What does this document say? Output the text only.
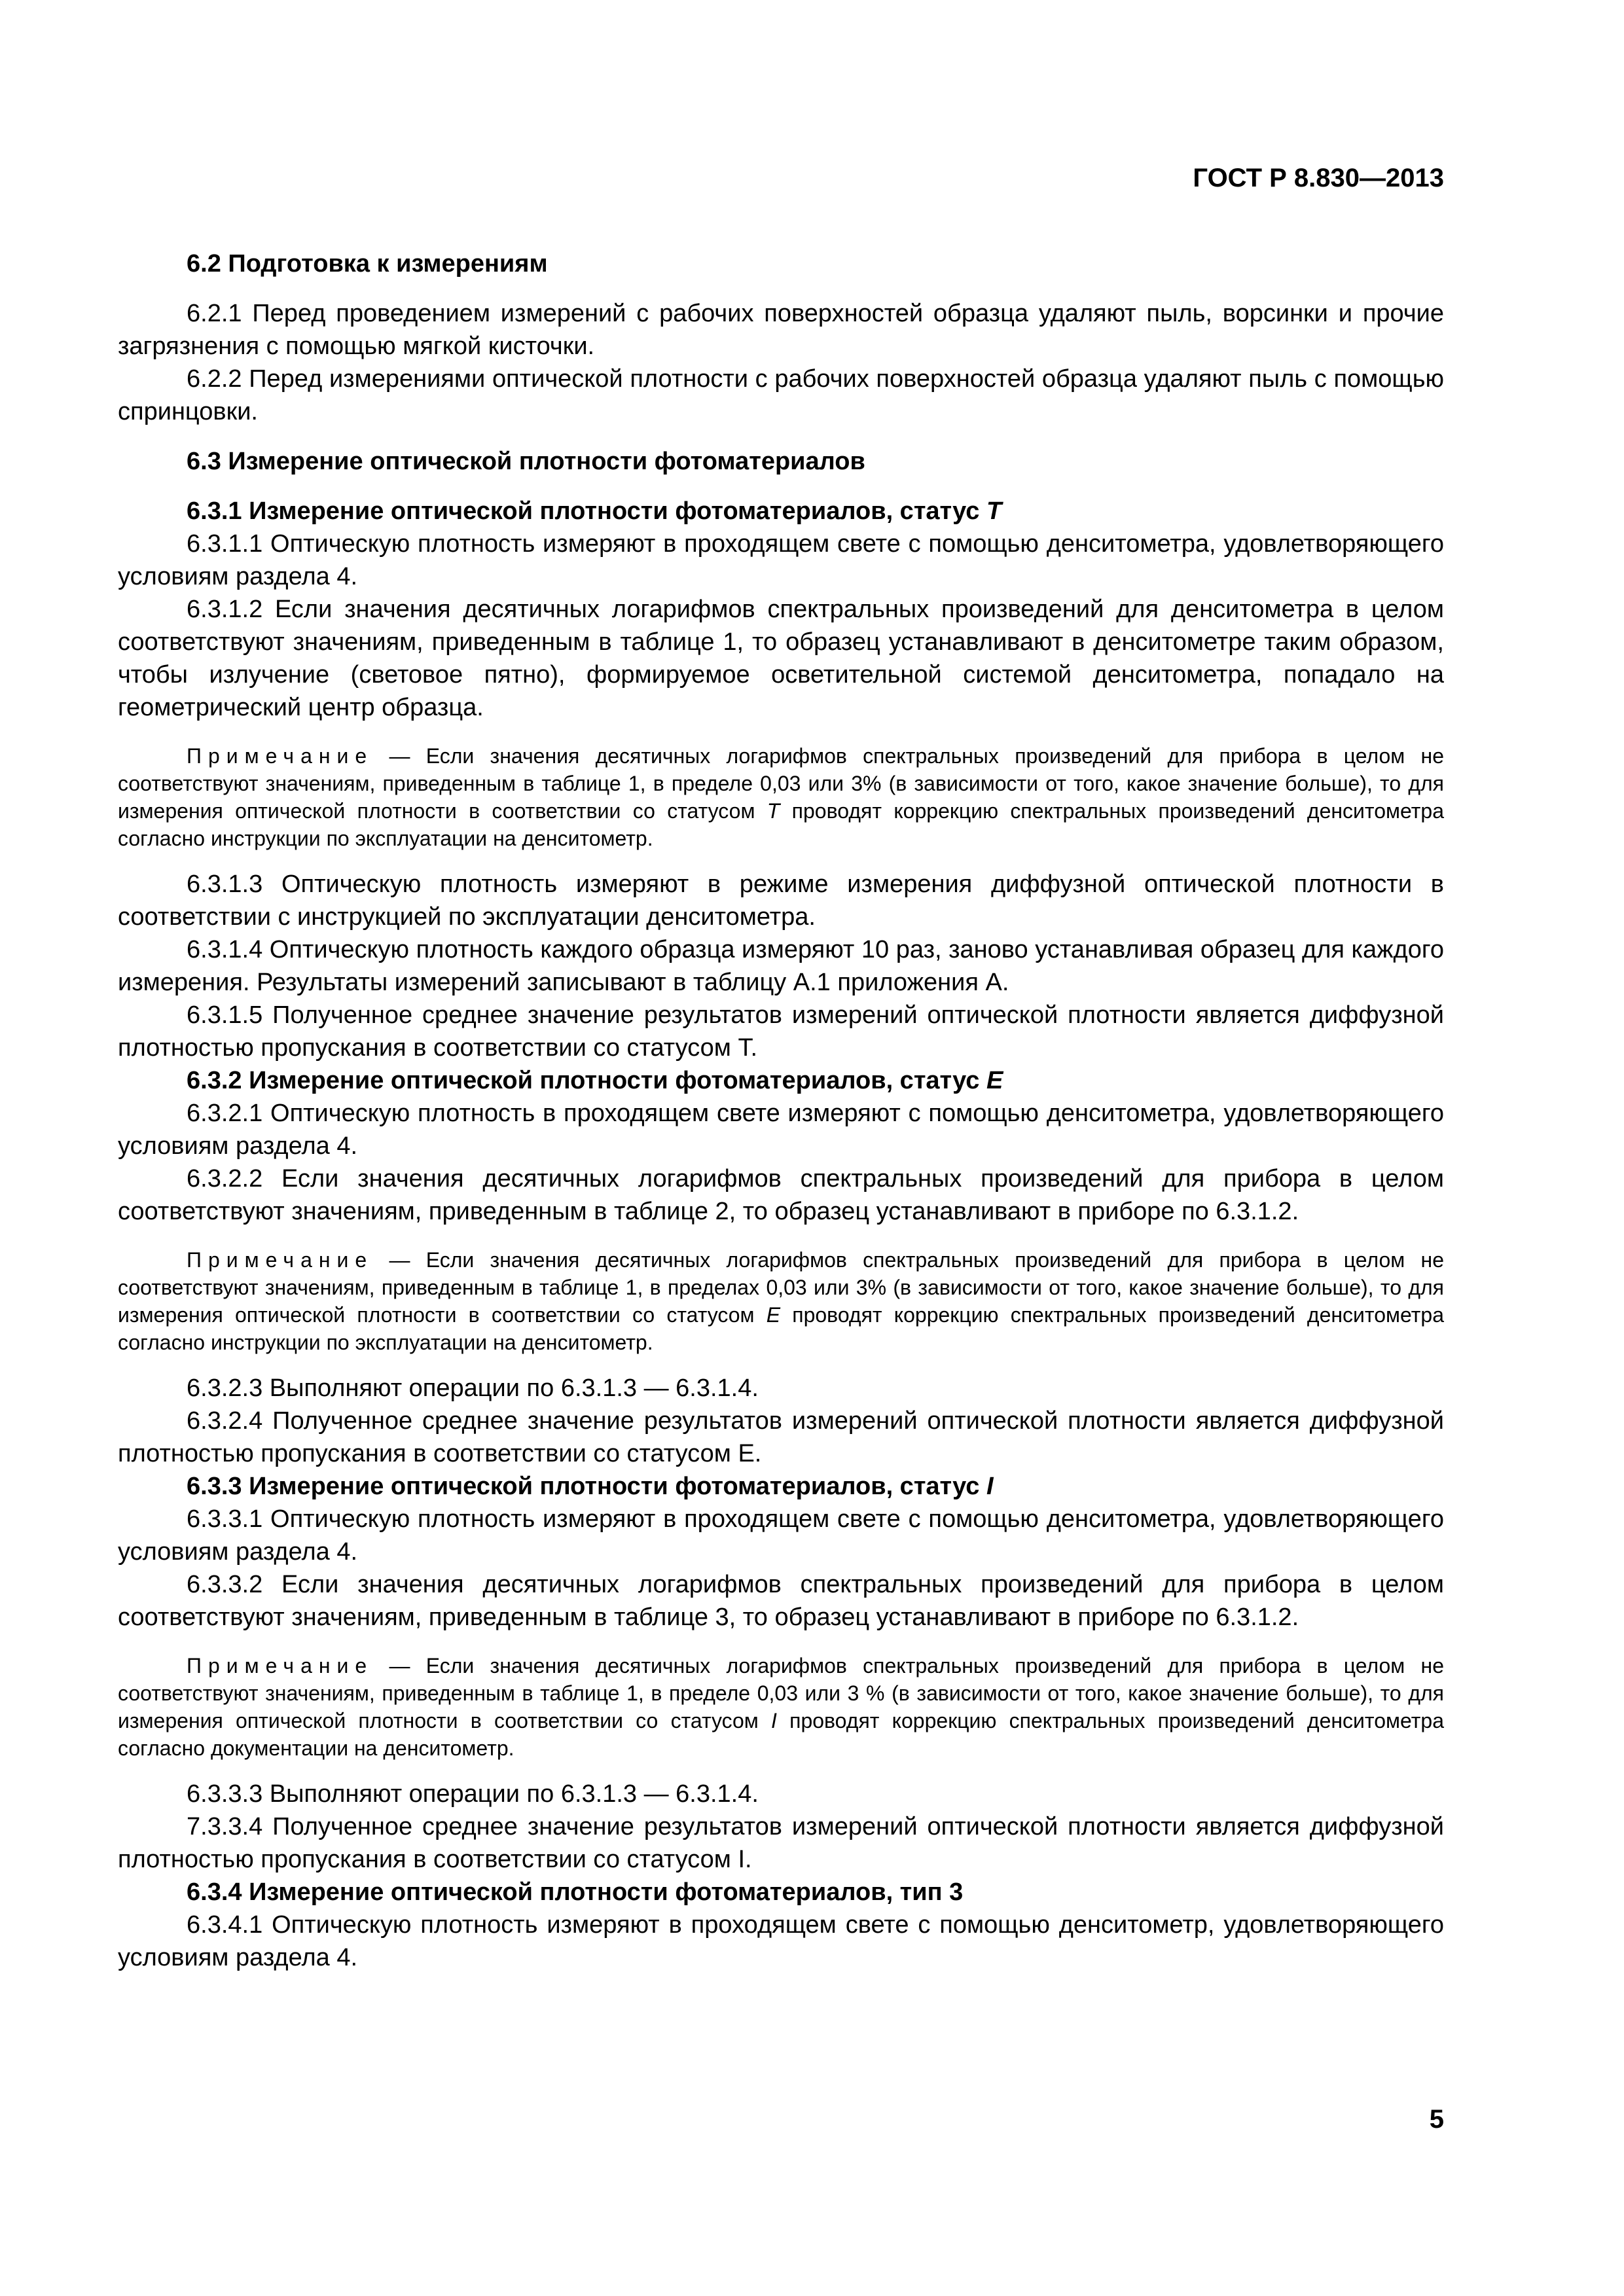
ГОСТ Р 8.830—2013

6.2 Подготовка к измерениям

6.2.1 Перед проведением измерений с рабочих поверхностей образца удаляют пыль, ворсинки и прочие загрязнения с помощью мягкой кисточки.

6.2.2 Перед измерениями оптической плотности с рабочих поверхностей образца удаляют пыль с помощью спринцовки.

6.3 Измерение оптической плотности фотоматериалов

6.3.1 Измерение оптической плотности фотоматериалов, статус T

6.3.1.1 Оптическую плотность измеряют в проходящем свете с помощью денситометра, удовлетворяющего условиям раздела 4.

6.3.1.2 Если значения десятичных логарифмов спектральных произведений для денситометра в целом соответствуют значениям, приведенным в таблице 1, то образец устанавливают в денситометре таким образом, чтобы излучение (световое пятно), формируемое осветительной системой денситометра, попадало на геометрический центр образца.

Примечание — Если значения десятичных логарифмов спектральных произведений для прибора в целом не соответствуют значениям, приведенным в таблице 1, в пределе 0,03 или 3% (в зависимости от того, какое значение больше), то для измерения оптической плотности в соответствии со статусом T проводят коррекцию спектральных произведений денситометра согласно инструкции по эксплуатации на денситометр.

6.3.1.3 Оптическую плотность измеряют в режиме измерения диффузной оптической плотности в соответствии с инструкцией по эксплуатации денситометра.

6.3.1.4 Оптическую плотность каждого образца измеряют 10 раз, заново устанавливая образец для каждого измерения. Результаты измерений записывают в таблицу А.1 приложения А.

6.3.1.5 Полученное среднее значение результатов измерений оптической плотности является диффузной плотностью пропускания в соответствии со статусом Т.

6.3.2 Измерение оптической плотности фотоматериалов, статус E

6.3.2.1 Оптическую плотность в проходящем свете измеряют с помощью денситометра, удовлетворяющего условиям раздела 4.

6.3.2.2 Если значения десятичных логарифмов спектральных произведений для прибора в целом соответствуют значениям, приведенным в таблице 2, то образец устанавливают в приборе по 6.3.1.2.

Примечание — Если значения десятичных логарифмов спектральных произведений для прибора в целом не соответствуют значениям, приведенным в таблице 1, в пределах 0,03 или 3% (в зависимости от того, какое значение больше), то для измерения оптической плотности в соответствии со статусом E проводят коррекцию спектральных произведений денситометра согласно инструкции по эксплуатации на денситометр.

6.3.2.3 Выполняют операции по 6.3.1.3 — 6.3.1.4.

6.3.2.4 Полученное среднее значение результатов измерений оптической плотности является диффузной плотностью пропускания в соответствии со статусом Е.

6.3.3 Измерение оптической плотности фотоматериалов, статус I

6.3.3.1 Оптическую плотность измеряют в проходящем свете с помощью денситометра, удовлетворяющего условиям раздела 4.

6.3.3.2 Если значения десятичных логарифмов спектральных произведений для прибора в целом соответствуют значениям, приведенным в таблице 3, то образец устанавливают в приборе по 6.3.1.2.

Примечание — Если значения десятичных логарифмов спектральных произведений для прибора в целом не соответствуют значениям, приведенным в таблице 1, в пределе 0,03 или 3 % (в зависимости от того, какое значение больше), то для измерения оптической плотности в соответствии со статусом I проводят коррекцию спектральных произведений денситометра согласно документации на денситометр.

6.3.3.3 Выполняют операции по 6.3.1.3 — 6.3.1.4.

7.3.3.4 Полученное среднее значение результатов измерений оптической плотности является диффузной плотностью пропускания в соответствии со статусом I.

6.3.4 Измерение оптической плотности фотоматериалов, тип 3

6.3.4.1 Оптическую плотность измеряют в проходящем свете с помощью денситометр, удовлетворяющего условиям раздела 4.

5
